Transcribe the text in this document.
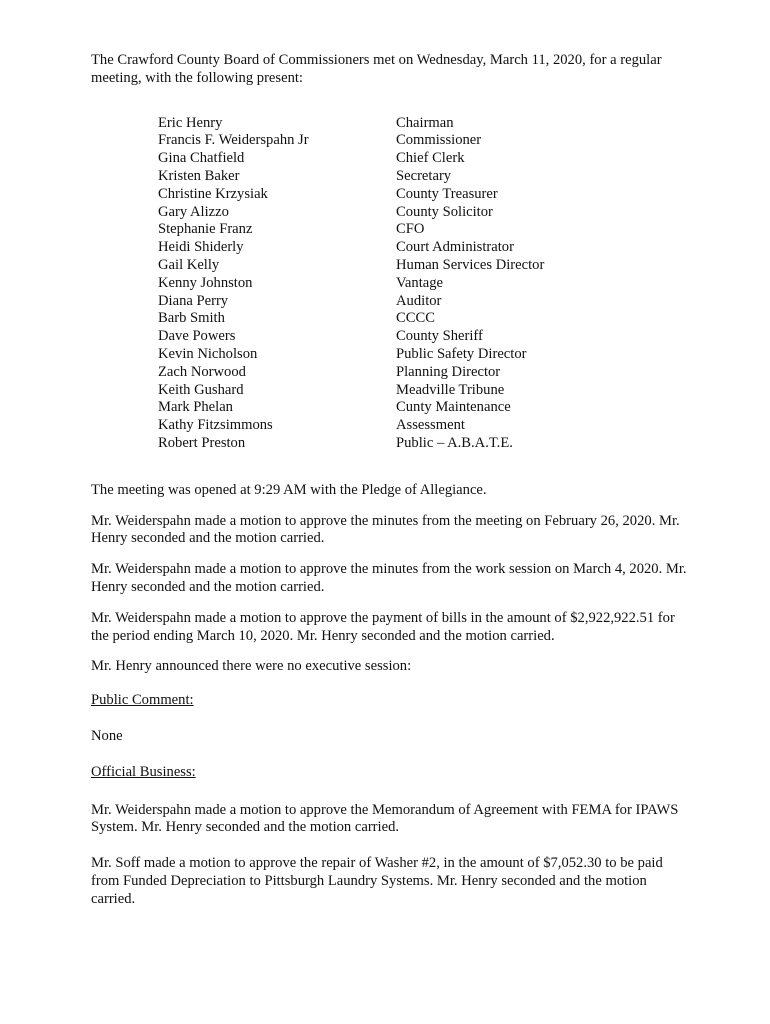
The Crawford County Board of Commissioners met on Wednesday, March 11, 2020, for a regular meeting, with the following present:

Eric Henry	Chairman
Francis F. Weiderspahn Jr	Commissioner
Gina Chatfield	Chief Clerk
Kristen Baker	Secretary
Christine Krzysiak	County Treasurer
Gary Alizzo	County Solicitor
Stephanie Franz	CFO
Heidi Shiderly	Court Administrator
Gail Kelly	Human Services Director
Kenny Johnston	Vantage
Diana Perry	Auditor
Barb Smith	CCCC
Dave Powers	County Sheriff
Kevin Nicholson	Public Safety Director
Zach Norwood	Planning Director
Keith Gushard	Meadville Tribune
Mark Phelan	Cunty Maintenance
Kathy Fitzsimmons	Assessment
Robert Preston	Public – A.B.A.T.E.

The meeting was opened at 9:29 AM with the Pledge of Allegiance.

Mr. Weiderspahn made a motion to approve the minutes from the meeting on February 26, 2020. Mr. Henry seconded and the motion carried.

Mr. Weiderspahn made a motion to approve the minutes from the work session on March 4, 2020. Mr. Henry seconded and the motion carried.

Mr. Weiderspahn made a motion to approve the payment of bills in the amount of $2,922,922.51 for the period ending March 10, 2020. Mr. Henry seconded and the motion carried.

Mr. Henry announced there were no executive session:

Public Comment:

None

Official Business:

Mr. Weiderspahn made a motion to approve the Memorandum of Agreement with FEMA for IPAWS System. Mr. Henry seconded and the motion carried.

Mr. Soff made a motion to approve the repair of Washer #2, in the amount of $7,052.30 to be paid from Funded Depreciation to Pittsburgh Laundry Systems. Mr. Henry seconded and the motion carried.
